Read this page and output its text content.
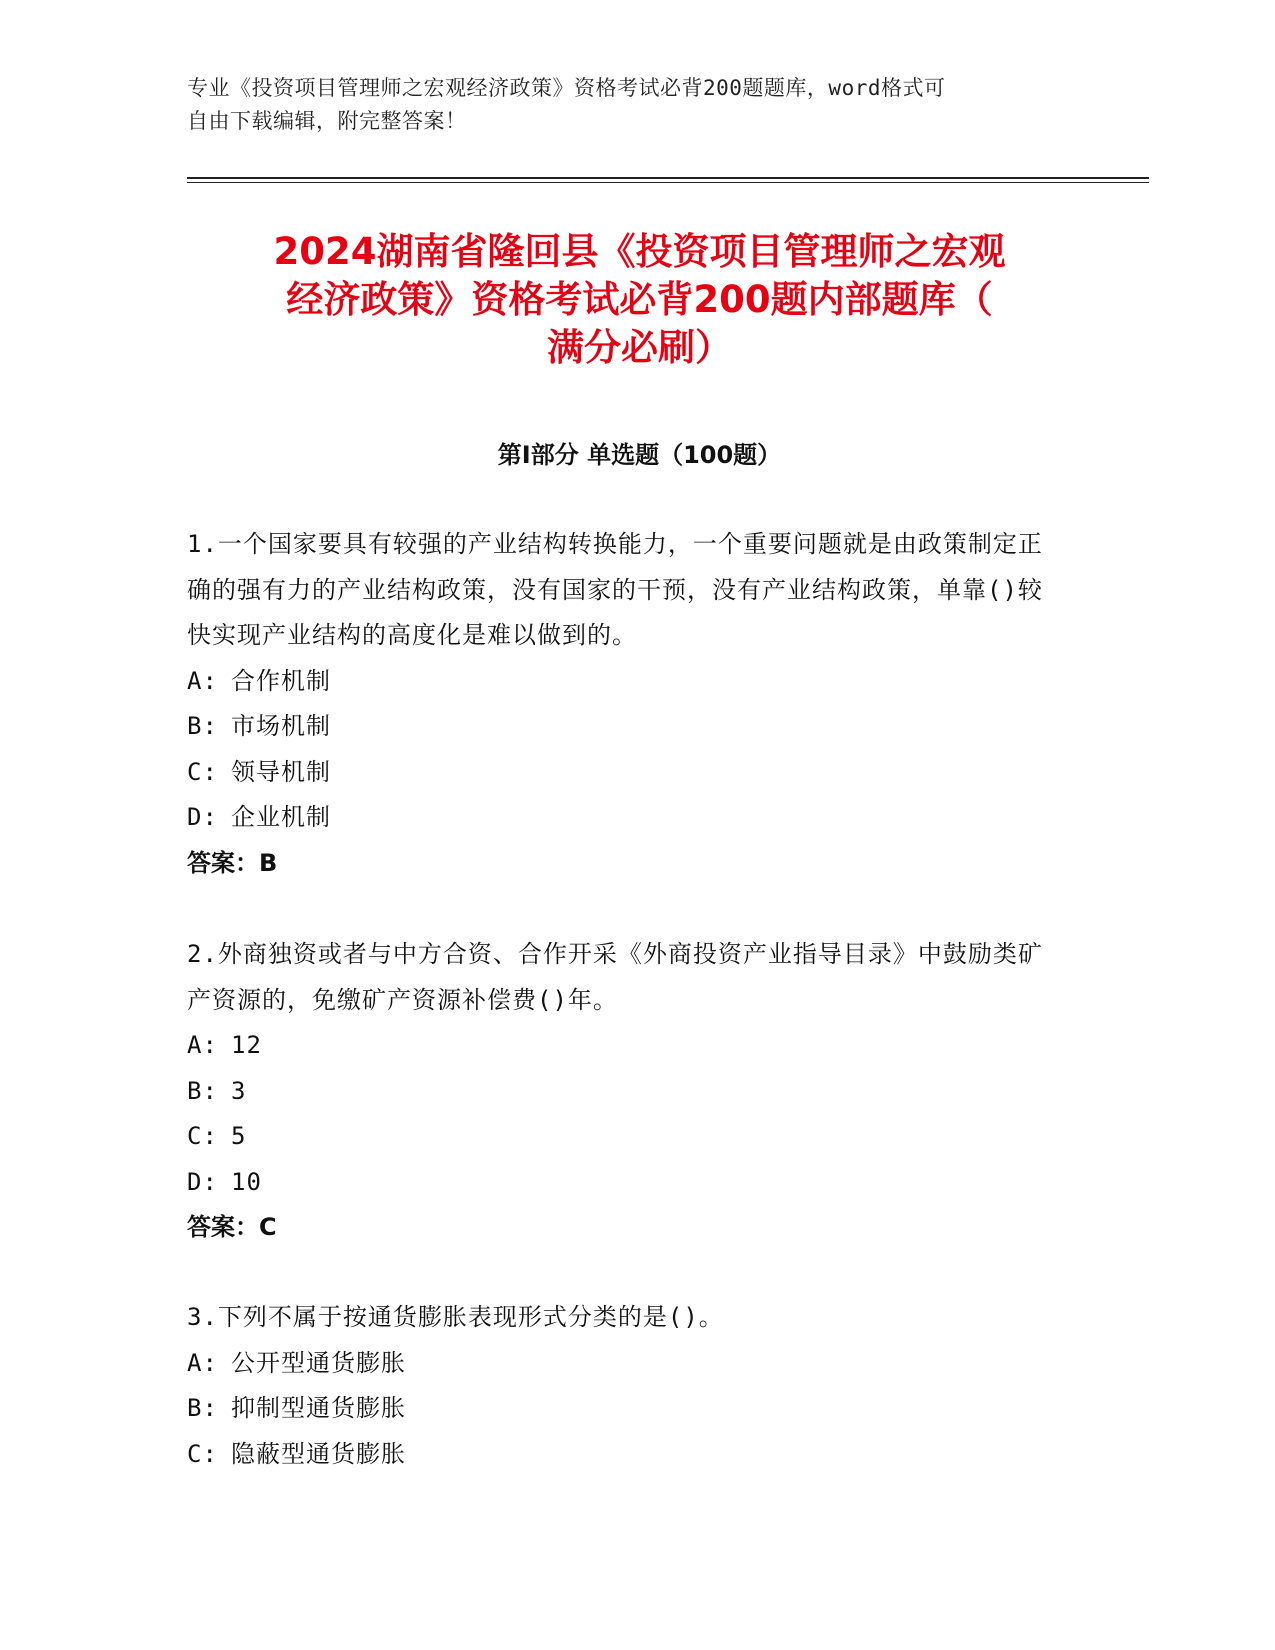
专业《投资项目管理师之宏观经济政策》资格考试必背200题题库，word格式可
自由下载编辑，附完整答案！
2024湖南省隆回县《投资项目管理师之宏观
经济政策》资格考试必背200题内部题库（
满分必刷）
第I部分 单选题（100题）
1.一个国家要具有较强的产业结构转换能力，一个重要问题就是由政策制定正确的强有力的产业结构政策，没有国家的干预，没有产业结构政策，单靠()较快实现产业结构的高度化是难以做到的。
A: 合作机制
B: 市场机制
C: 领导机制
D: 企业机制
答案：B
2.外商独资或者与中方合资、合作开采《外商投资产业指导目录》中鼓励类矿产资源的，免缴矿产资源补偿费()年。
A: 12
B: 3
C: 5
D: 10
答案：C
3.下列不属于按通货膨胀表现形式分类的是()。
A: 公开型通货膨胀
B: 抑制型通货膨胀
C: 隐蔽型通货膨胀
